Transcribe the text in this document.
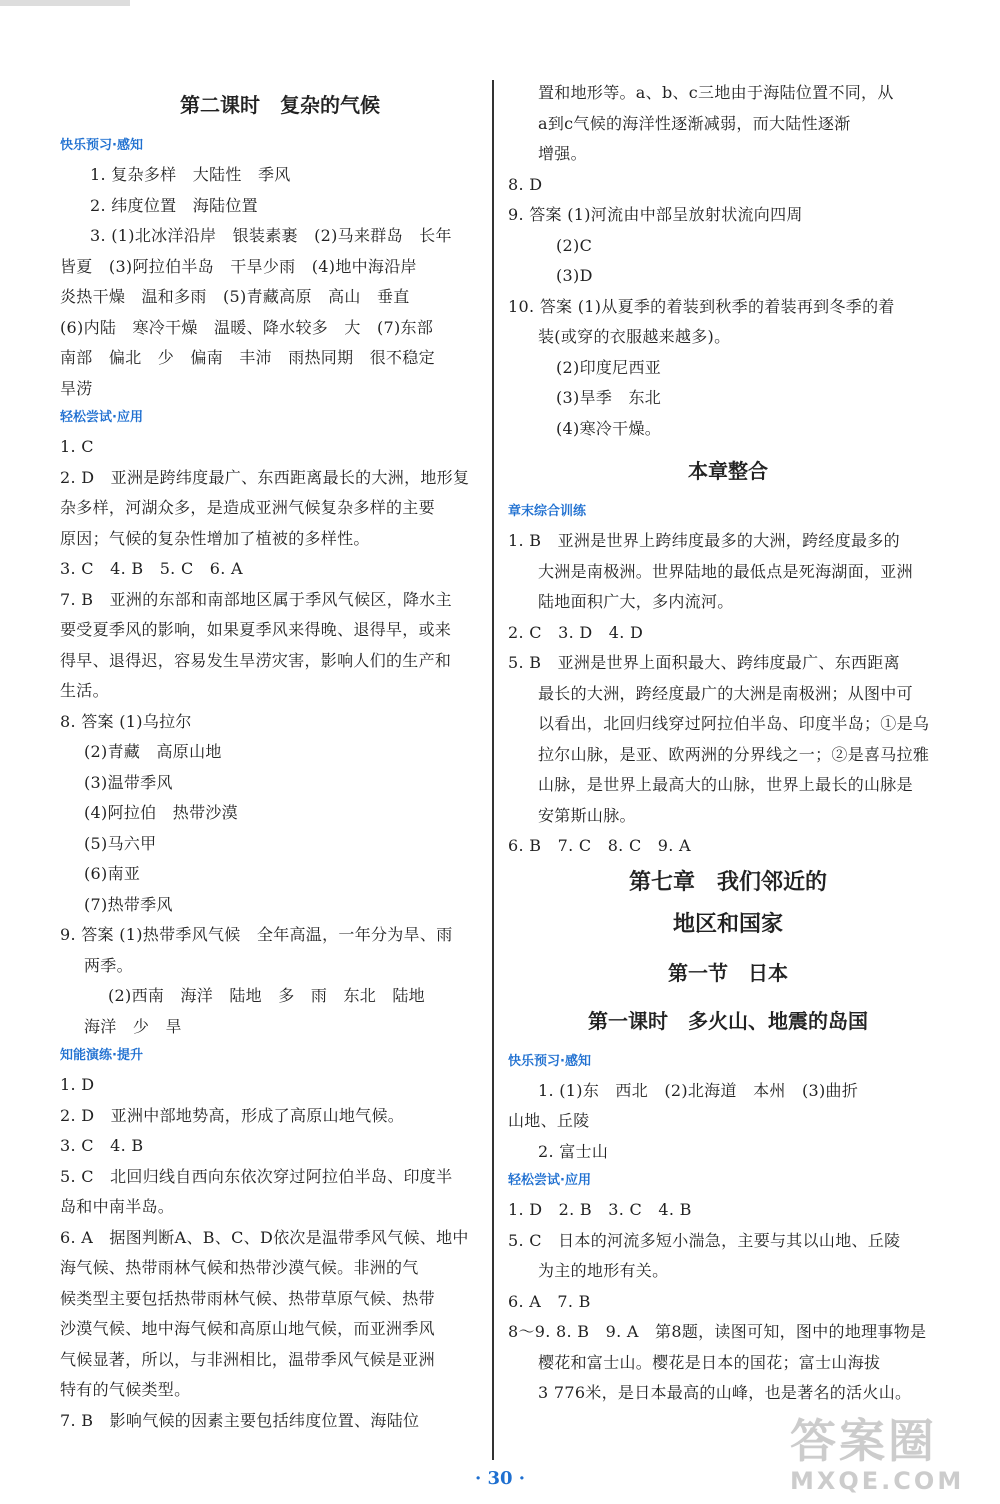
第二课时　复杂的气候
快乐预习·感知
1. 复杂多样　大陆性　季风
2. 纬度位置　海陆位置
3. (1)北冰洋沿岸　银装素裹　(2)马来群岛　长年
皆夏　(3)阿拉伯半岛　干旱少雨　(4)地中海沿岸
炎热干燥　温和多雨　(5)青藏高原　高山　垂直
(6)内陆　寒冷干燥　温暖、降水较多　大　(7)东部
南部　偏北　少　偏南　丰沛　雨热同期　很不稳定
旱涝
轻松尝试·应用
1. C
2. D　亚洲是跨纬度最广、东西距离最长的大洲，地形复
杂多样，河湖众多，是造成亚洲气候复杂多样的主要
原因；气候的复杂性增加了植被的多样性。
3. C　4. B　5. C　6. A
7. B　亚洲的东部和南部地区属于季风气候区，降水主
要受夏季风的影响，如果夏季风来得晚、退得早，或来
得早、退得迟，容易发生旱涝灾害，影响人们的生产和
生活。
8. 答案 (1)乌拉尔
(2)青藏　高原山地
(3)温带季风
(4)阿拉伯　热带沙漠
(5)马六甲
(6)南亚
(7)热带季风
9. 答案 (1)热带季风气候　全年高温，一年分为旱、雨
两季。
(2)西南　海洋　陆地　多　雨　东北　陆地
海洋　少　旱
知能演练·提升
1. D
2. D　亚洲中部地势高，形成了高原山地气候。
3. C　4. B
5. C　北回归线自西向东依次穿过阿拉伯半岛、印度半
岛和中南半岛。
6. A　据图判断A、B、C、D依次是温带季风气候、地中
海气候、热带雨林气候和热带沙漠气候。非洲的气
候类型主要包括热带雨林气候、热带草原气候、热带
沙漠气候、地中海气候和高原山地气候，而亚洲季风
气候显著，所以，与非洲相比，温带季风气候是亚洲
特有的气候类型。
7. B　影响气候的因素主要包括纬度位置、海陆位
置和地形等。a、b、c三地由于海陆位置不同，从
a到c气候的海洋性逐渐减弱，而大陆性逐渐
增强。
8. D
9. 答案 (1)河流由中部呈放射状流向四周
(2)C
(3)D
10. 答案 (1)从夏季的着装到秋季的着装再到冬季的着
装(或穿的衣服越来越多)。
(2)印度尼西亚
(3)旱季　东北
(4)寒冷干燥。
本章整合
章末综合训练
1. B　亚洲是世界上跨纬度最多的大洲，跨经度最多的
大洲是南极洲。世界陆地的最低点是死海湖面，亚洲
陆地面积广大，多内流河。
2. C　3. D　4. D
5. B　亚洲是世界上面积最大、跨纬度最广、东西距离
最长的大洲，跨经度最广的大洲是南极洲；从图中可
以看出，北回归线穿过阿拉伯半岛、印度半岛；①是乌
拉尔山脉，是亚、欧两洲的分界线之一；②是喜马拉雅
山脉，是世界上最高大的山脉，世界上最长的山脉是
安第斯山脉。
6. B　7. C　8. C　9. A
第七章　我们邻近的
地区和国家
第一节　日本
第一课时　多火山、地震的岛国
快乐预习·感知
1. (1)东　西北　(2)北海道　本州　(3)曲折
山地、丘陵
2. 富士山
轻松尝试·应用
1. D　2. B　3. C　4. B
5. C　日本的河流多短小湍急，主要与其以山地、丘陵
为主的地形有关。
6. A　7. B
8～9. 8. B　9. A　第8题，读图可知，图中的地理事物是
樱花和富士山。樱花是日本的国花；富士山海拔
3 776米，是日本最高的山峰，也是著名的活火山。
· 30 ·
答案圈
MXQE.COM
